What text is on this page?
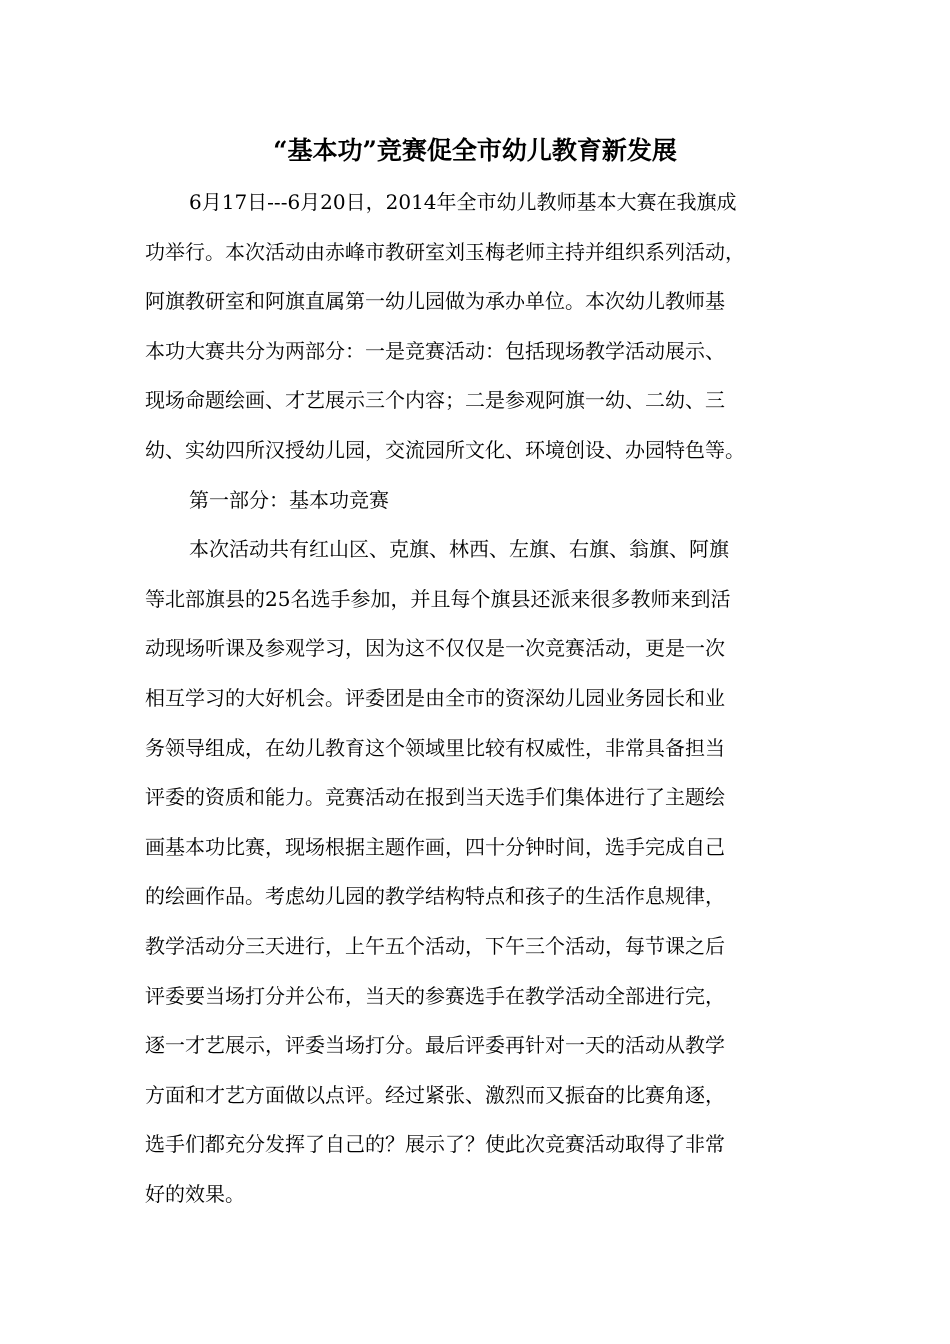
“基本功”竞赛促全市幼儿教育新发展
6月17日---6月20日，2014年全市幼儿教师基本大赛在我旗成
功举行。本次活动由赤峰市教研室刘玉梅老师主持并组织系列活动，
阿旗教研室和阿旗直属第一幼儿园做为承办单位。本次幼儿教师基
本功大赛共分为两部分：一是竞赛活动：包括现场教学活动展示、
现场命题绘画、才艺展示三个内容；二是参观阿旗一幼、二幼、三
幼、实幼四所汉授幼儿园，交流园所文化、环境创设、办园特色等。
第一部分：基本功竞赛
本次活动共有红山区、克旗、林西、左旗、右旗、翁旗、阿旗
等北部旗县的25名选手参加，并且每个旗县还派来很多教师来到活
动现场听课及参观学习，因为这不仅仅是一次竞赛活动，更是一次
相互学习的大好机会。评委团是由全市的资深幼儿园业务园长和业
务领导组成，在幼儿教育这个领域里比较有权威性，非常具备担当
评委的资质和能力。竞赛活动在报到当天选手们集体进行了主题绘
画基本功比赛，现场根据主题作画，四十分钟时间，选手完成自己
的绘画作品。考虑幼儿园的教学结构特点和孩子的生活作息规律，
教学活动分三天进行，上午五个活动，下午三个活动，每节课之后
评委要当场打分并公布，当天的参赛选手在教学活动全部进行完，
逐一才艺展示，评委当场打分。最后评委再针对一天的活动从教学
方面和才艺方面做以点评。经过紧张、激烈而又振奋的比赛角逐，
选手们都充分发挥了自己的？展示了？使此次竞赛活动取得了非常
好的效果。
